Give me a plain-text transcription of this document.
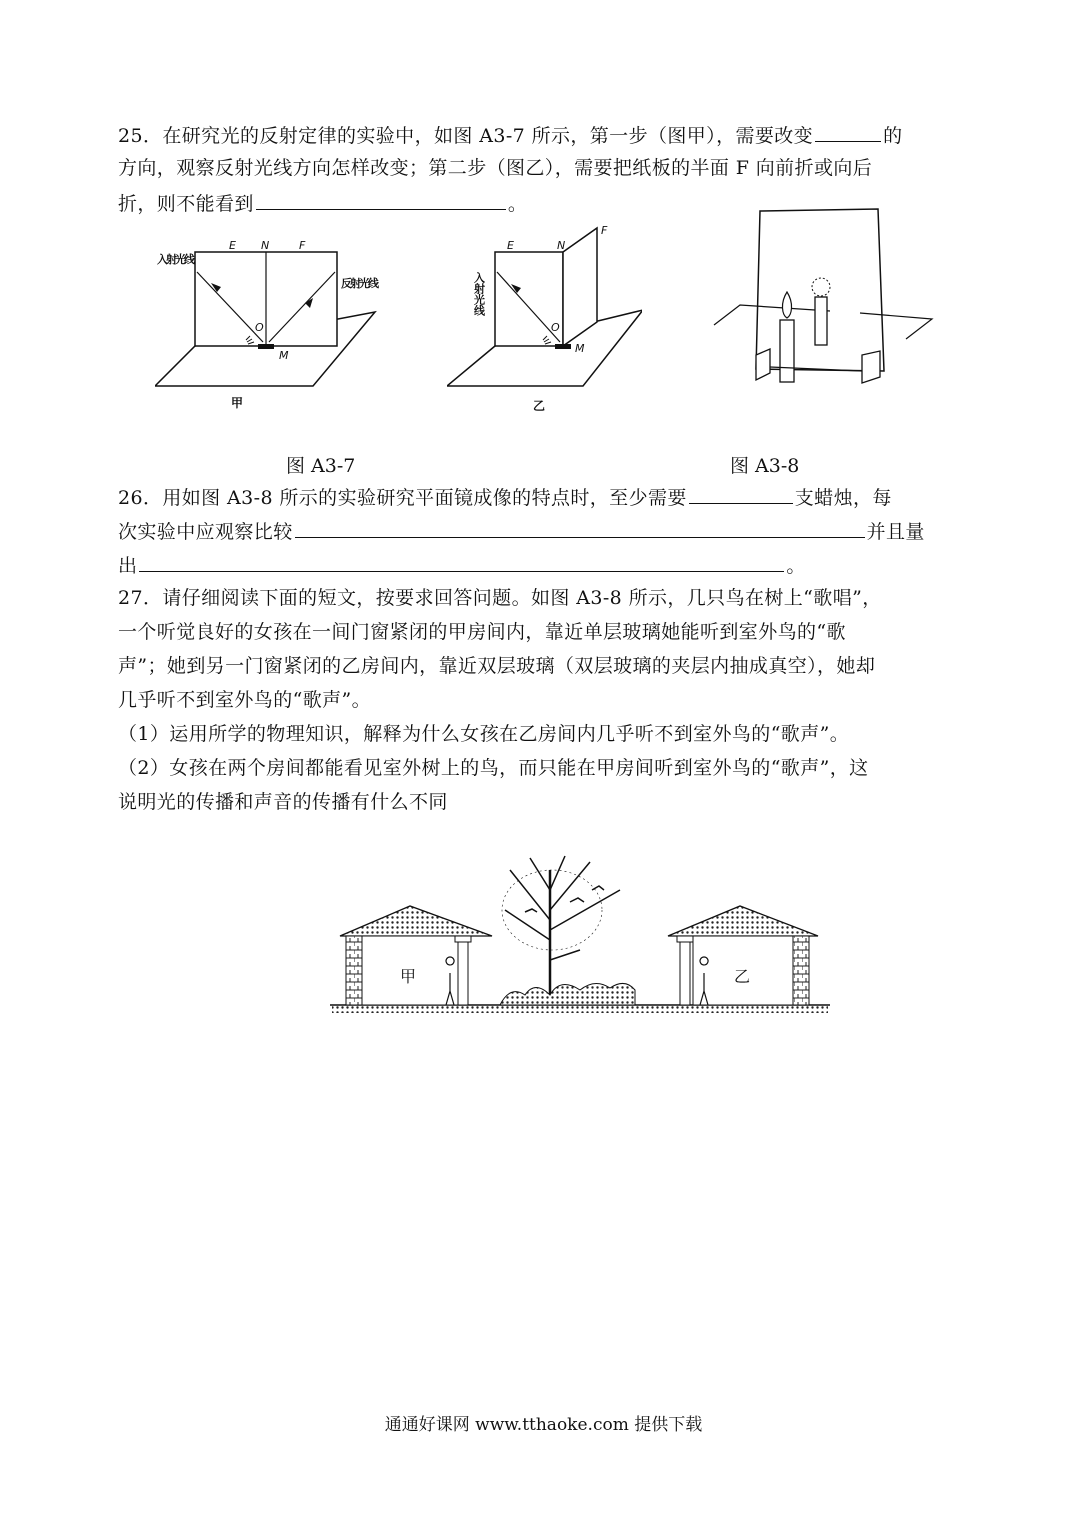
25．在研究光的反射定律的实验中，如图 A3-7 所示，第一步（图甲），需要改变	的
方向，观察反射光线方向怎样改变；第二步（图乙），需要把纸板的半面 F 向前折或向后
折，则不能看到	。
E N	F
O
M
入射光线
反射光线
甲
E	N
F
O
M
入射光线
乙
图 A3-7	图 A3-8
26．用如图 A3-8 所示的实验研究平面镜成像的特点时，至少需要	支蜡烛，每
次实验中应观察比较	并且量
出	。
27．请仔细阅读下面的短文，按要求回答问题。如图 A3-8 所示，几只鸟在树上“歌唱”，
一个听觉良好的女孩在一间门窗紧闭的甲房间内，靠近单层玻璃她能听到室外鸟的“歌
声”；她到另一门窗紧闭的乙房间内，靠近双层玻璃（双层玻璃的夹层内抽成真空），她却
几乎听不到室外鸟的“歌声”。
（1）运用所学的物理知识，解释为什么女孩在乙房间内几乎听不到室外鸟的“歌声”。
（2）女孩在两个房间都能看见室外树上的鸟，而只能在甲房间听到室外鸟的“歌声”，这
说明光的传播和声音的传播有什么不同
甲	乙
通通好课网 www.tthaoke.com 提供下载
